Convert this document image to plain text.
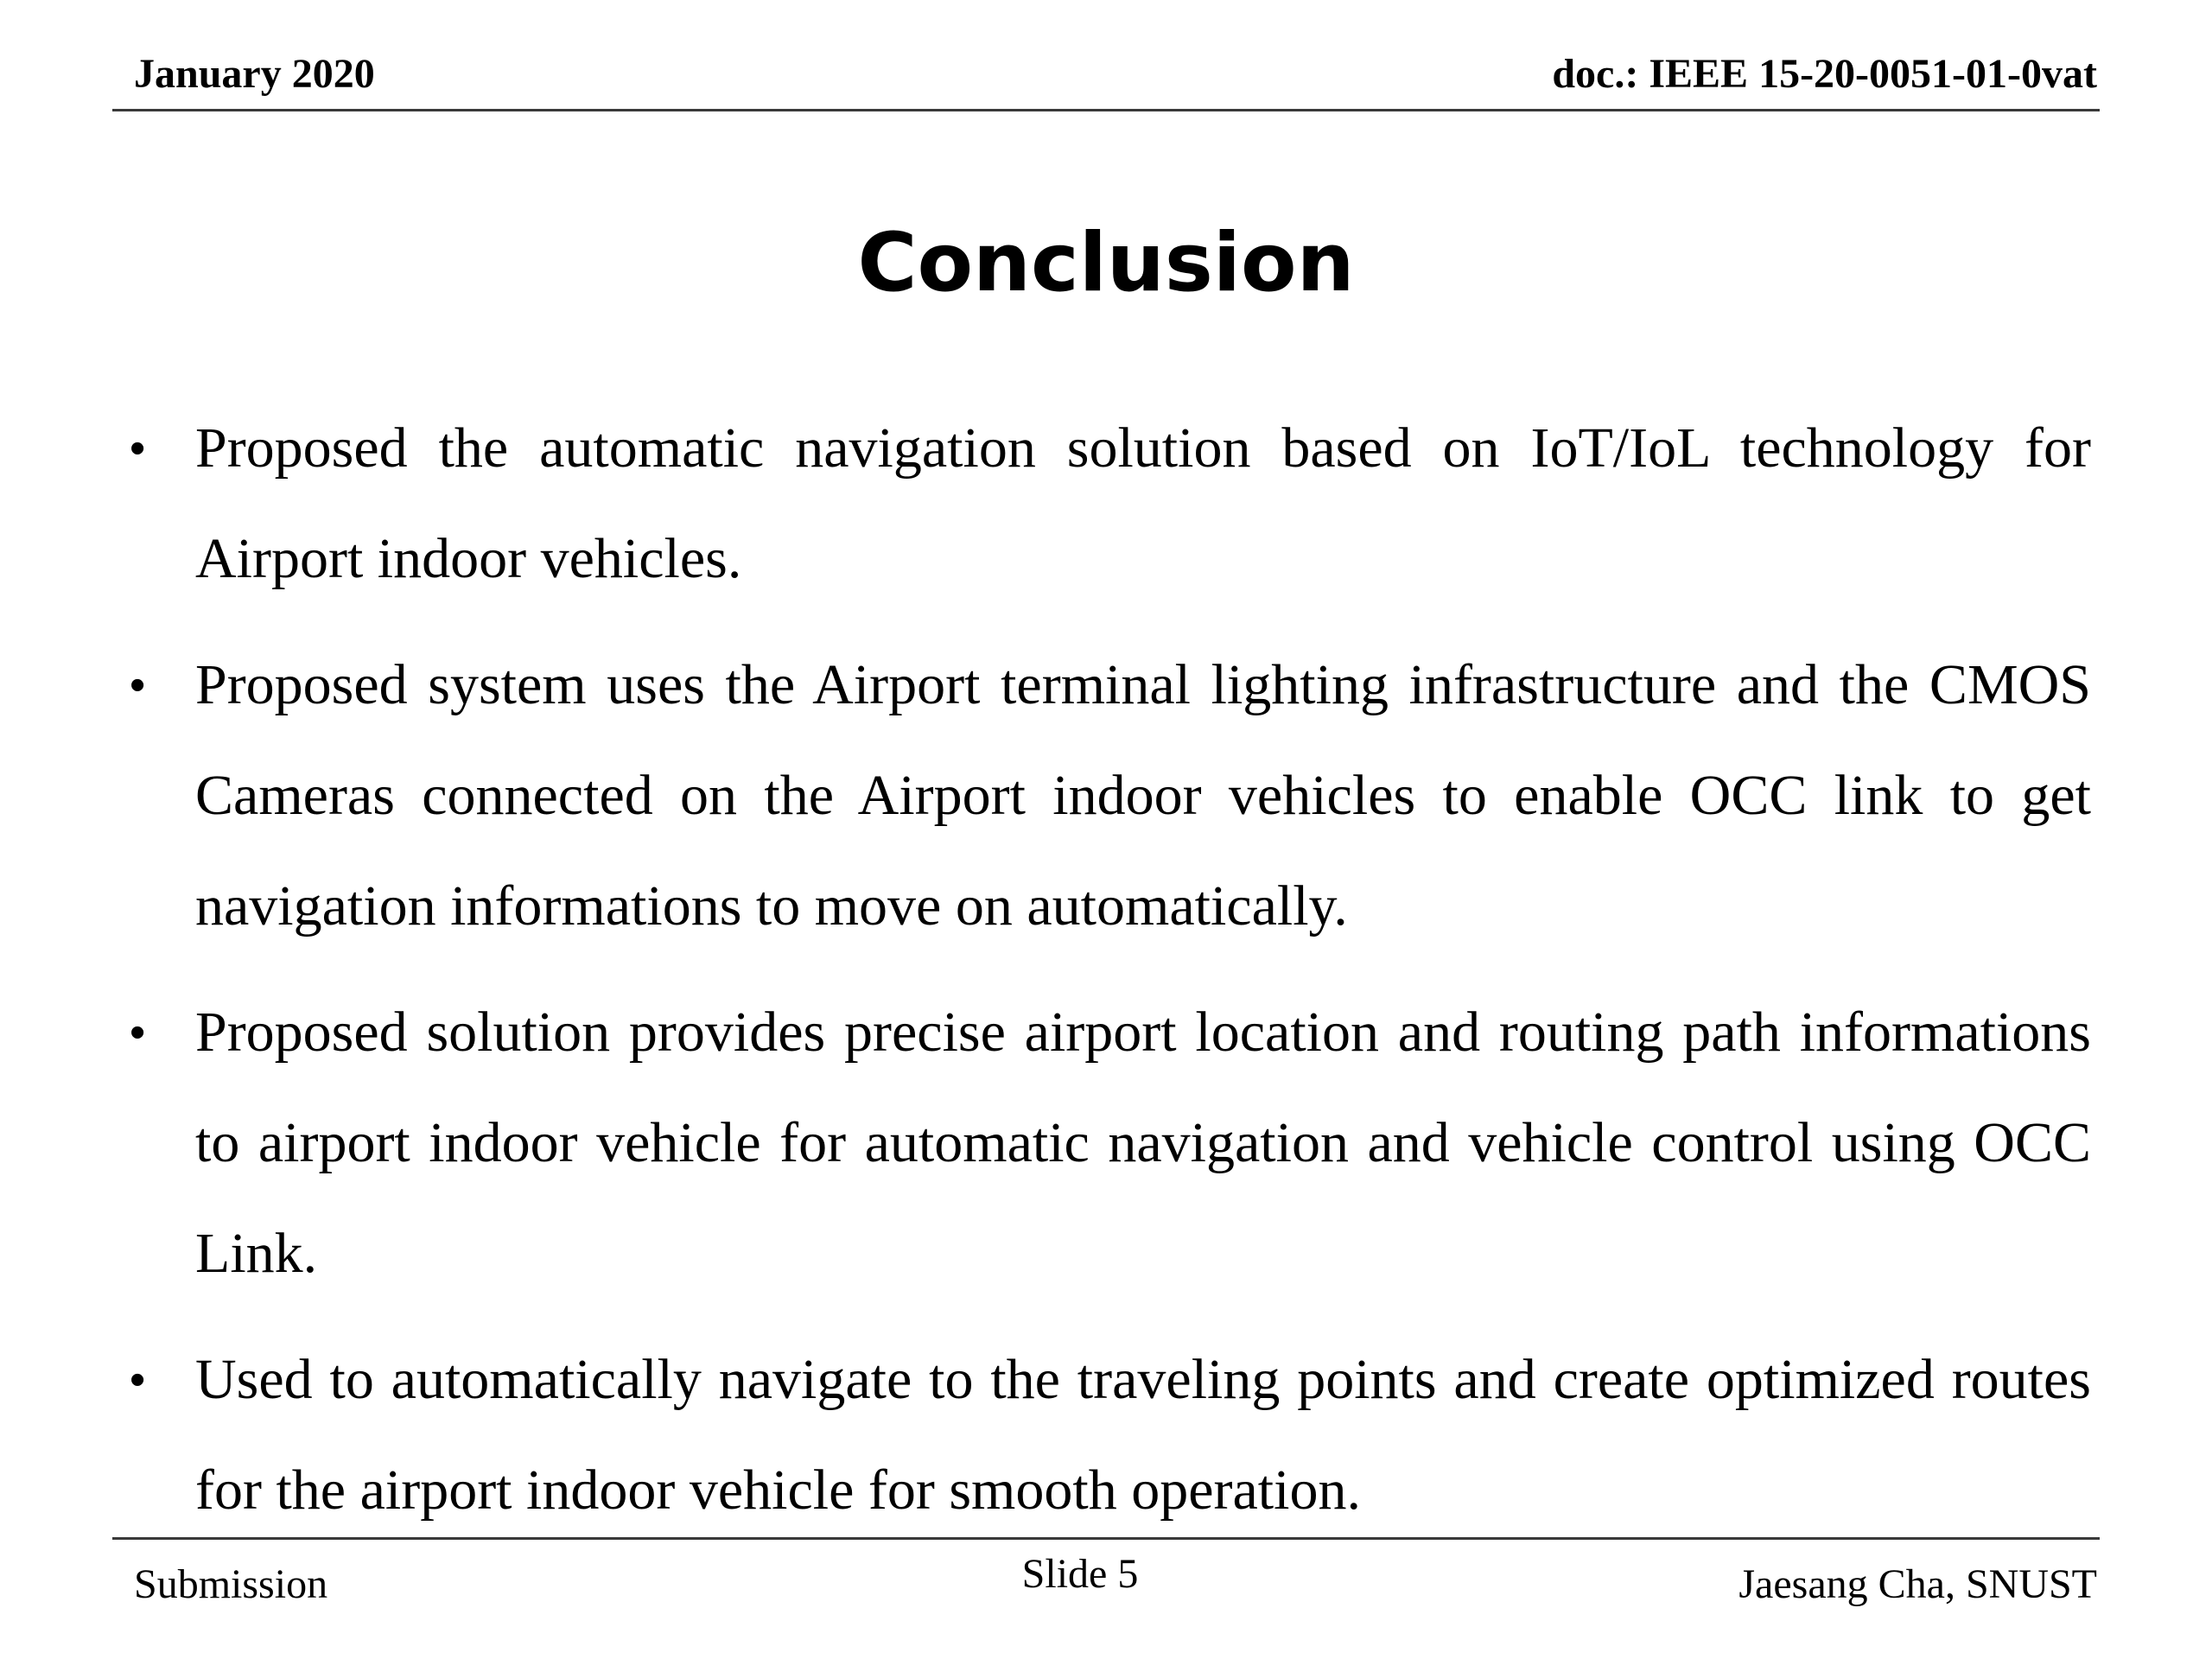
January 2020	doc.: IEEE 15-20-0051-01-0vat
Conclusion
• Proposed the automatic navigation solution based on IoT/IoL technology for Airport indoor vehicles.
• Proposed system uses the Airport terminal lighting infrastructure and the CMOS Cameras connected on the Airport indoor vehicles to enable OCC link to get navigation informations to move on automatically.
• Proposed solution provides precise airport location and routing path informations to airport indoor vehicle for automatic navigation and vehicle control using OCC Link.
• Used to automatically navigate to the traveling points and create optimized routes for the airport indoor vehicle for smooth operation.
Submission	Slide 5	Jaesang Cha, SNUST
